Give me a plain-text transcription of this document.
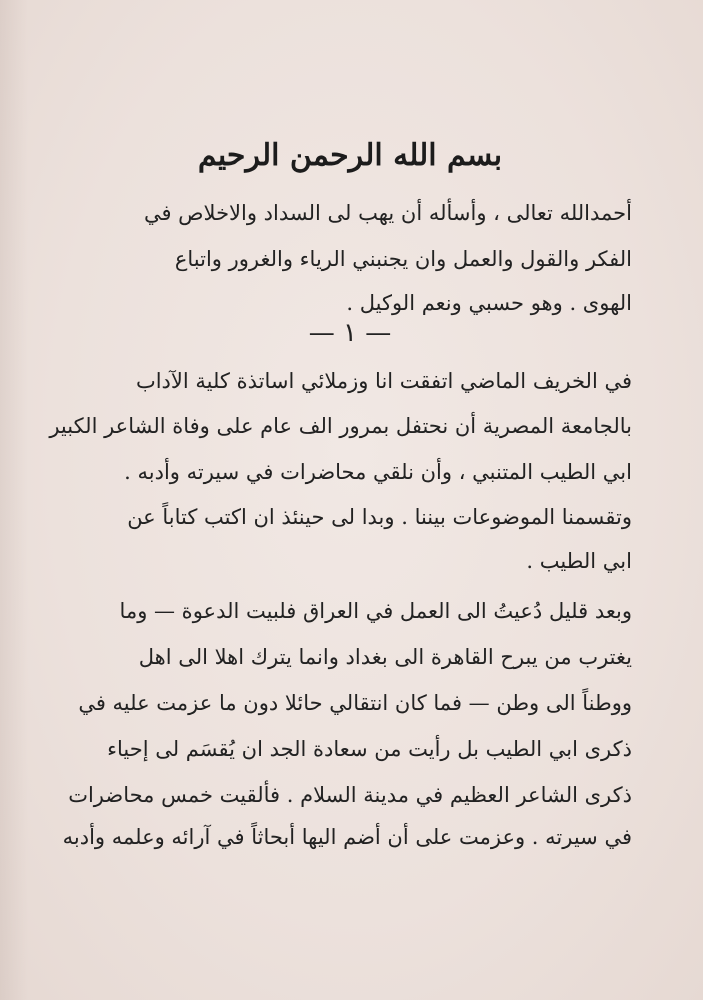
بسم الله الرحمن الرحيم
أحمدالله تعالى ، وأسأله أن يهب لى السداد والاخلاص في
الفكر والقول والعمل وان يجنبني الرياء والغرور واتباع
الهوى . وهو حسبي ونعم الوكيل .
— ١ —
في الخريف الماضي اتفقت انا وزملائي اساتذة كلية الآداب
بالجامعة المصرية أن نحتفل بمرور الف عام على وفاة الشاعر الكبير
ابي الطيب المتنبي ، وأن نلقي محاضرات في سيرته وأدبه .
وتقسمنا الموضوعات بيننا . وبدا لى حينئذ ان اكتب كتاباً عن
ابي الطيب .
وبعد قليل دُعيتُ الى العمل في العراق فلبيت الدعوة — وما
يغترب من يبرح القاهرة الى بغداد وانما يترك اهلا الى اهل
ووطناً الى وطن — فما كان انتقالي حائلا دون ما عزمت عليه في
ذكرى ابي الطيب بل رأيت من سعادة الجد ان يُقسَم لى إحياء
ذكرى الشاعر العظيم في مدينة السلام . فألقيت خمس محاضرات
في سيرته . وعزمت على أن أضم اليها أبحاثاً في آرائه وعلمه وأدبه
